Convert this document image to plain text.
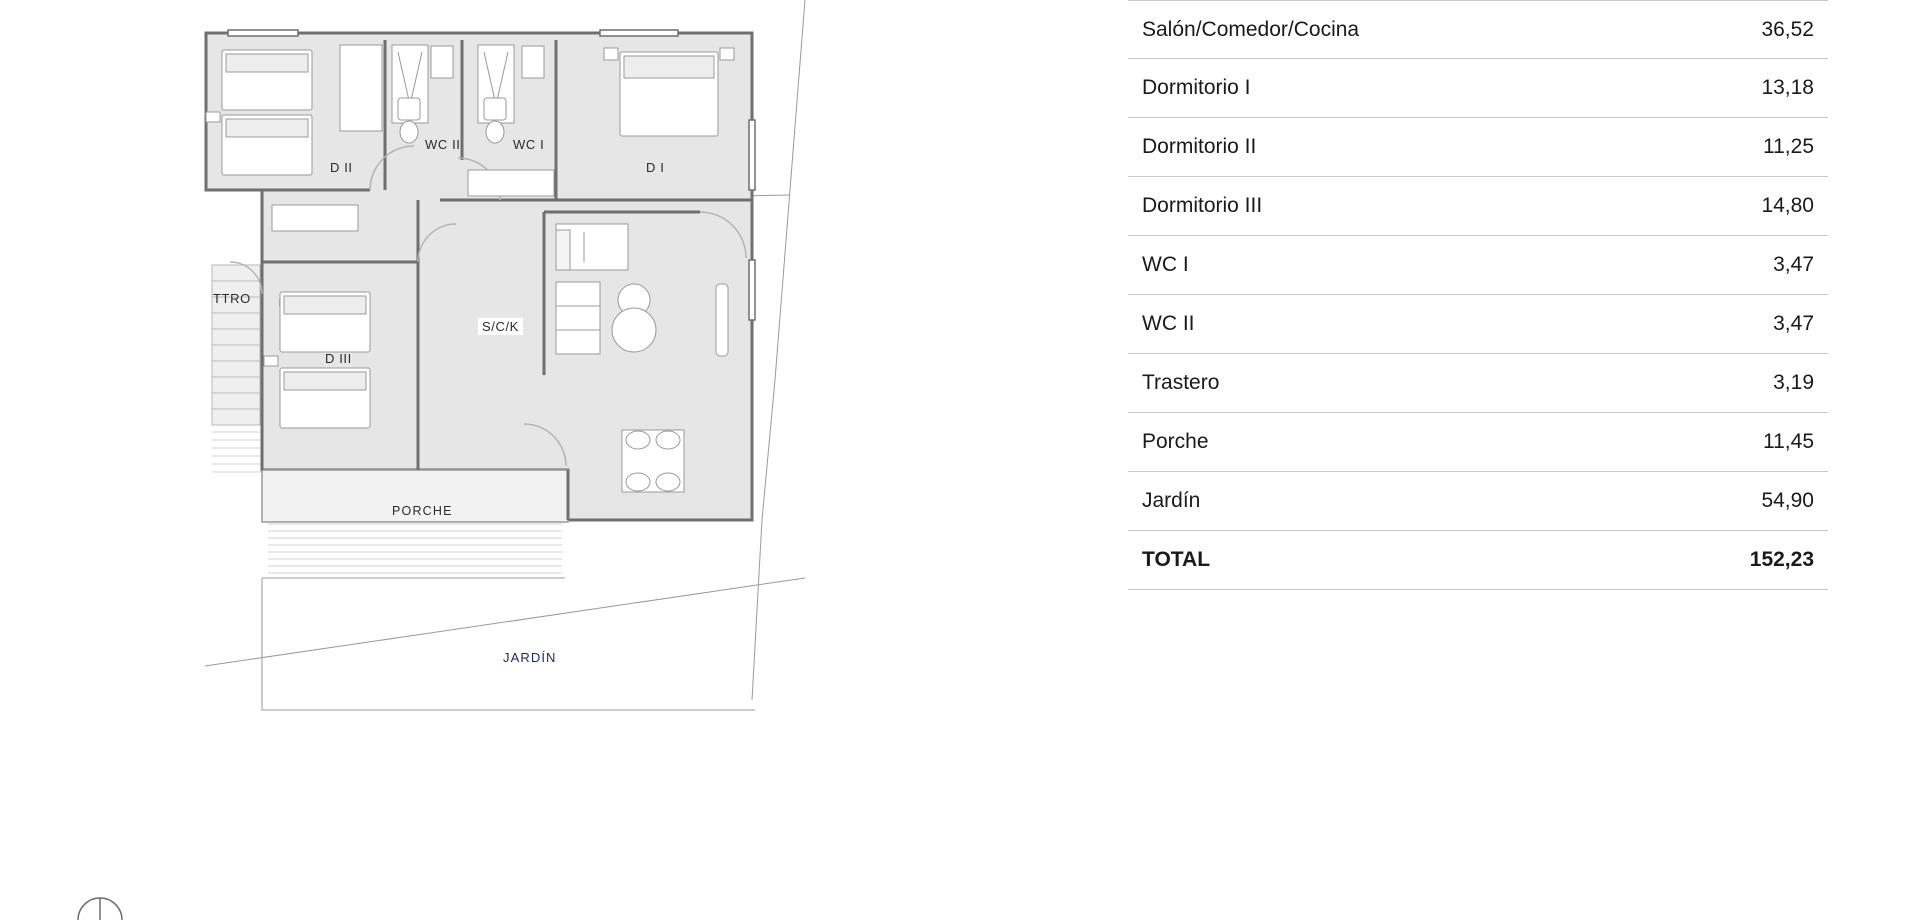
D II
WC II	WC I
D I
TTRO
D III
S/C/K
PORCHE
JARDÍN
Salón/Comedor/Cocina	36,52
Dormitorio I	13,18
Dormitorio II	11,25
Dormitorio III	14,80
WC I	3,47
WC II	3,47
Trastero	3,19
Porche	11,45
Jardín	54,90
TOTAL	152,23
